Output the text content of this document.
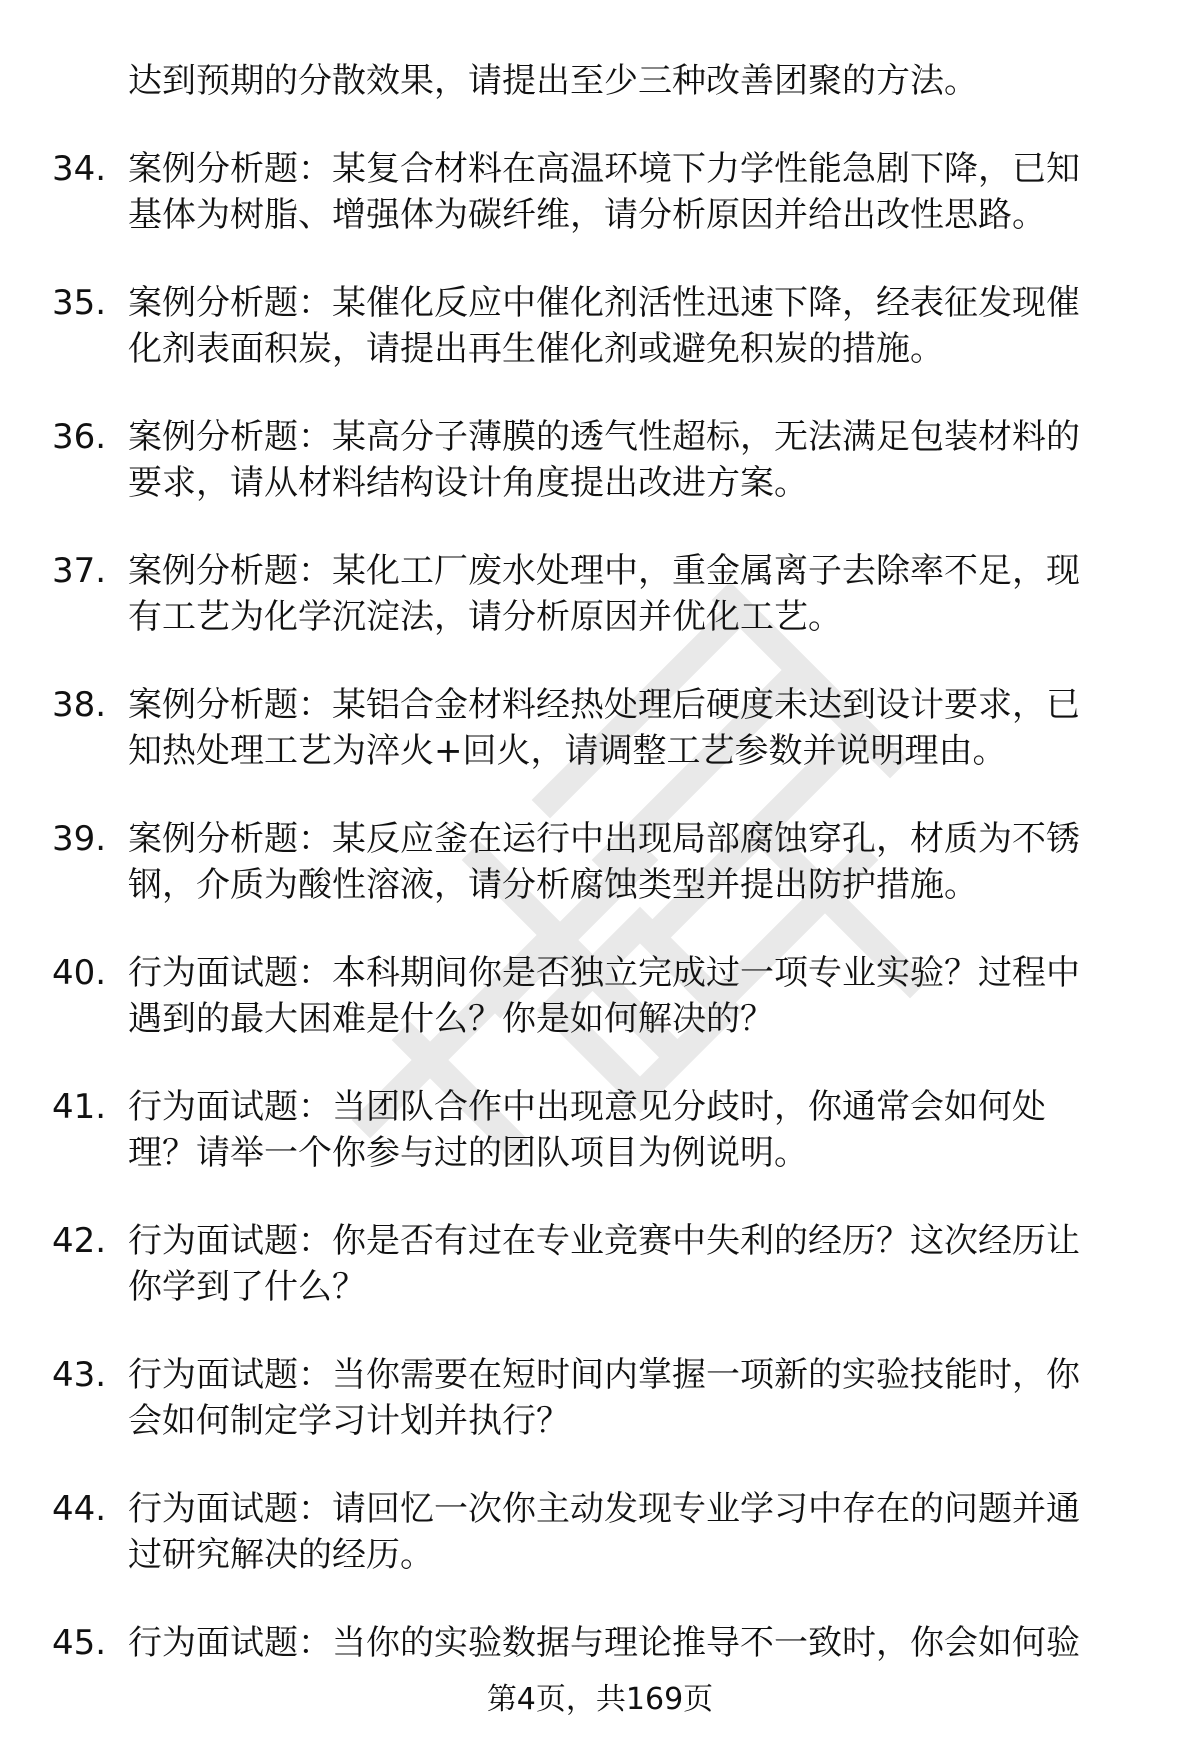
达到预期的分散效果，请提出至少三种改善团聚的方法。
34. 案例分析题：某复合材料在高温环境下力学性能急剧下降，已知
基体为树脂、增强体为碳纤维，请分析原因并给出改性思路。
35. 案例分析题：某催化反应中催化剂活性迅速下降，经表征发现催
化剂表面积炭，请提出再生催化剂或避免积炭的措施。
36. 案例分析题：某高分子薄膜的透气性超标，无法满足包装材料的
要求，请从材料结构设计角度提出改进方案。
37. 案例分析题：某化工厂废水处理中，重金属离子去除率不足，现
有工艺为化学沉淀法，请分析原因并优化工艺。
38. 案例分析题：某铝合金材料经热处理后硬度未达到设计要求，已
知热处理工艺为淬火+回火，请调整工艺参数并说明理由。
39. 案例分析题：某反应釜在运行中出现局部腐蚀穿孔，材质为不锈
钢，介质为酸性溶液，请分析腐蚀类型并提出防护措施。
40. 行为面试题：本科期间你是否独立完成过一项专业实验？过程中
遇到的最大困难是什么？你是如何解决的？
41. 行为面试题：当团队合作中出现意见分歧时，你通常会如何处
理？请举一个你参与过的团队项目为例说明。
42. 行为面试题：你是否有过在专业竞赛中失利的经历？这次经历让
你学到了什么？
43. 行为面试题：当你需要在短时间内掌握一项新的实验技能时，你
会如何制定学习计划并执行？
44. 行为面试题：请回忆一次你主动发现专业学习中存在的问题并通
过研究解决的经历。
45. 行为面试题：当你的实验数据与理论推导不一致时，你会如何验
第4页，共169页
